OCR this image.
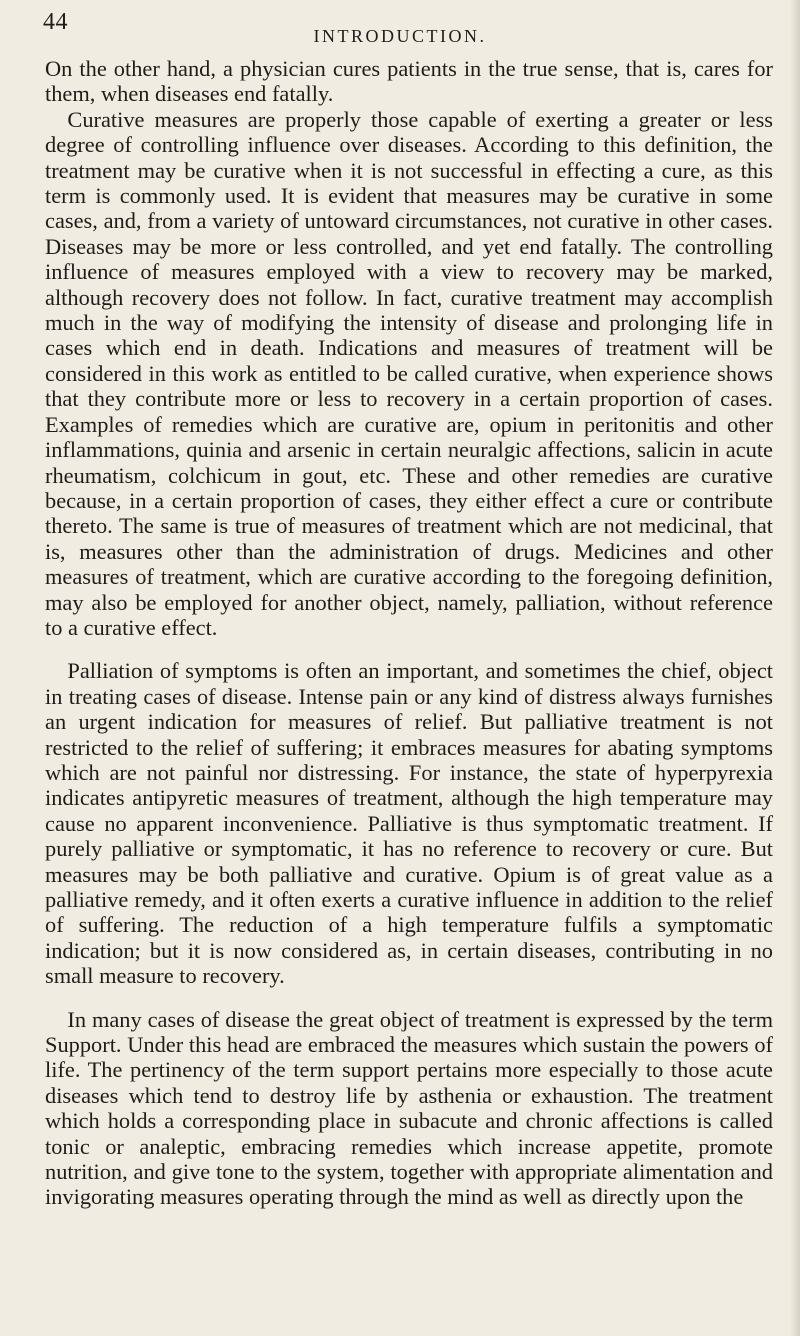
44
INTRODUCTION.

On the other hand, a physician cures patients in the true sense, that is, cares for them, when diseases end fatally.

Curative measures are properly those capable of exerting a greater or less degree of controlling influence over diseases. According to this definition, the treatment may be curative when it is not successful in effecting a cure, as this term is commonly used. It is evident that measures may be curative in some cases, and, from a variety of untoward circumstances, not curative in other cases. Diseases may be more or less controlled, and yet end fatally. The controlling influence of measures employed with a view to recovery may be marked, although recovery does not follow. In fact, curative treatment may accomplish much in the way of modifying the intensity of disease and prolonging life in cases which end in death. Indications and measures of treatment will be considered in this work as entitled to be called curative, when experience shows that they contribute more or less to recovery in a certain proportion of cases. Examples of remedies which are curative are, opium in peritonitis and other inflammations, quinia and arsenic in certain neuralgic affections, salicin in acute rheumatism, colchicum in gout, etc. These and other remedies are curative because, in a certain proportion of cases, they either effect a cure or contribute thereto. The same is true of measures of treatment which are not medicinal, that is, measures other than the administration of drugs. Medicines and other measures of treatment, which are curative according to the foregoing definition, may also be employed for another object, namely, palliation, without reference to a curative effect.

Palliation of symptoms is often an important, and sometimes the chief, object in treating cases of disease. Intense pain or any kind of distress always furnishes an urgent indication for measures of relief. But palliative treatment is not restricted to the relief of suffering; it embraces measures for abating symptoms which are not painful nor distressing. For instance, the state of hyperpyrexia indicates antipyretic measures of treatment, although the high temperature may cause no apparent inconvenience. Palliative is thus symptomatic treatment. If purely palliative or symptomatic, it has no reference to recovery or cure. But measures may be both palliative and curative. Opium is of great value as a palliative remedy, and it often exerts a curative influence in addition to the relief of suffering. The reduction of a high temperature fulfils a symptomatic indication; but it is now considered as, in certain diseases, contributing in no small measure to recovery.

In many cases of disease the great object of treatment is expressed by the term Support. Under this head are embraced the measures which sustain the powers of life. The pertinency of the term support pertains more especially to those acute diseases which tend to destroy life by asthenia or exhaustion. The treatment which holds a corresponding place in subacute and chronic affections is called tonic or analeptic, embracing remedies which increase appetite, promote nutrition, and give tone to the system, together with appropriate alimentation and invigorating measures operating through the mind as well as directly upon the
